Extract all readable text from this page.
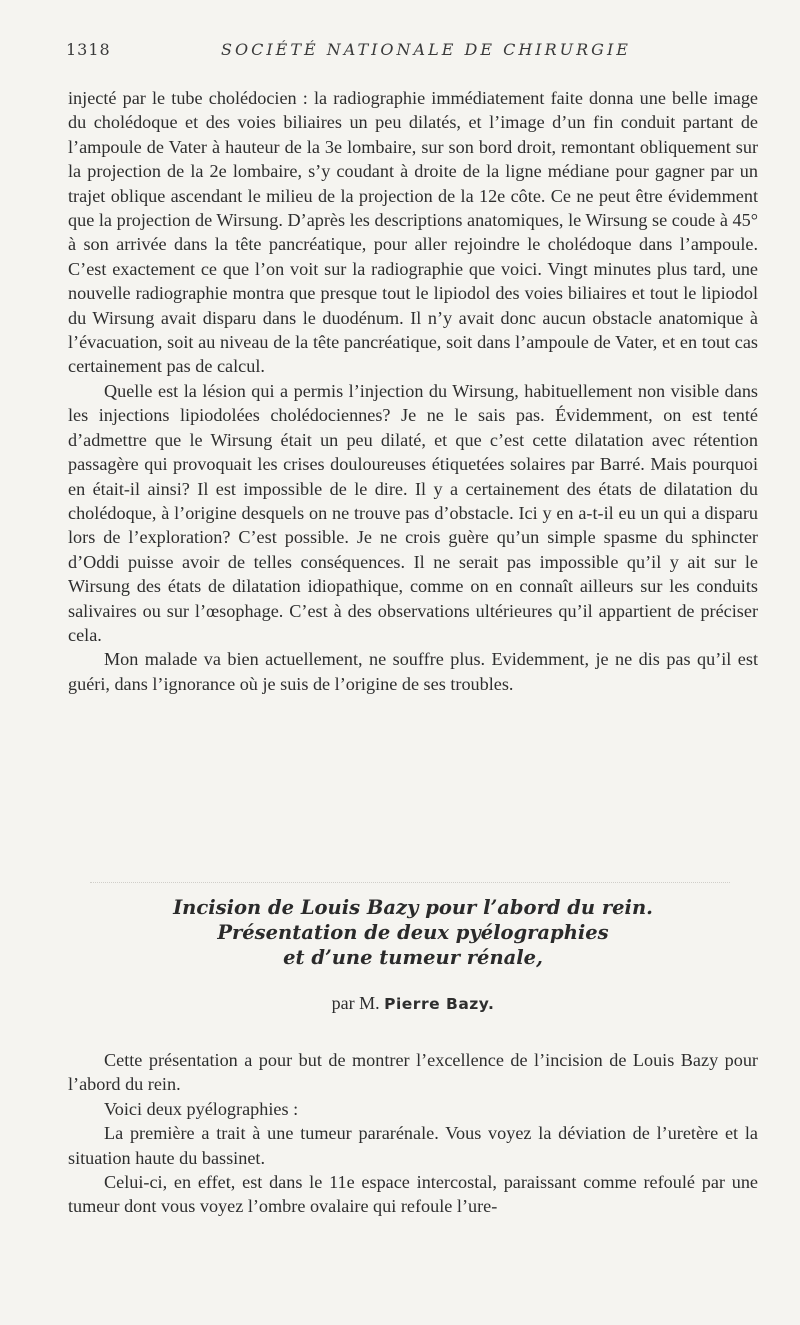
1318	SOCIÉTÉ NATIONALE DE CHIRURGIE

injecté par le tube cholédocien : la radiographie immédiatement faite donna une belle image du cholédoque et des voies biliaires un peu dilatés, et l’image d’un fin conduit partant de l’ampoule de Vater à hauteur de la 3e lombaire, sur son bord droit, remontant obliquement sur la projection de la 2e lombaire, s’y coudant à droite de la ligne médiane pour gagner par un trajet oblique ascendant le milieu de la projection de la 12e côte. Ce ne peut être évidemment que la projection de Wirsung. D’après les descriptions anatomiques, le Wirsung se coude à 45° à son arrivée dans la tête pancréatique, pour aller rejoindre le cholédoque dans l’ampoule. C’est exactement ce que l’on voit sur la radiographie que voici. Vingt minutes plus tard, une nouvelle radiographie montra que presque tout le lipiodol des voies biliaires et tout le lipiodol du Wirsung avait disparu dans le duodénum. Il n’y avait donc aucun obstacle anatomique à l’évacuation, soit au niveau de la tête pancréatique, soit dans l’ampoule de Vater, et en tout cas certainement pas de calcul.

Quelle est la lésion qui a permis l’injection du Wirsung, habituellement non visible dans les injections lipiodolées cholédociennes? Je ne le sais pas. Évidemment, on est tenté d’admettre que le Wirsung était un peu dilaté, et que c’est cette dilatation avec rétention passagère qui provoquait les crises douloureuses étiquetées solaires par Barré. Mais pourquoi en était-il ainsi? Il est impossible de le dire. Il y a certainement des états de dilatation du cholédoque, à l’origine desquels on ne trouve pas d’obstacle. Ici y en a-t-il eu un qui a disparu lors de l’exploration? C’est possible. Je ne crois guère qu’un simple spasme du sphincter d’Oddi puisse avoir de telles conséquences. Il ne serait pas impossible qu’il y ait sur le Wirsung des états de dilatation idiopathique, comme on en connaît ailleurs sur les conduits salivaires ou sur l’œsophage. C’est à des observations ultérieures qu’il appartient de préciser cela.

Mon malade va bien actuellement, ne souffre plus. Evidemment, je ne dis pas qu’il est guéri, dans l’ignorance où je suis de l’origine de ses troubles.

Incision de Louis Bazy pour l’abord du rein.
Présentation de deux pyélographies
et d’une tumeur rénale,
par M. Pierre Bazy.

Cette présentation a pour but de montrer l’excellence de l’incision de Louis Bazy pour l’abord du rein.

Voici deux pyélographies :

La première a trait à une tumeur pararénale. Vous voyez la déviation de l’uretère et la situation haute du bassinet.

Celui-ci, en effet, est dans le 11e espace intercostal, paraissant comme refoulé par une tumeur dont vous voyez l’ombre ovalaire qui refoule l’ure-
